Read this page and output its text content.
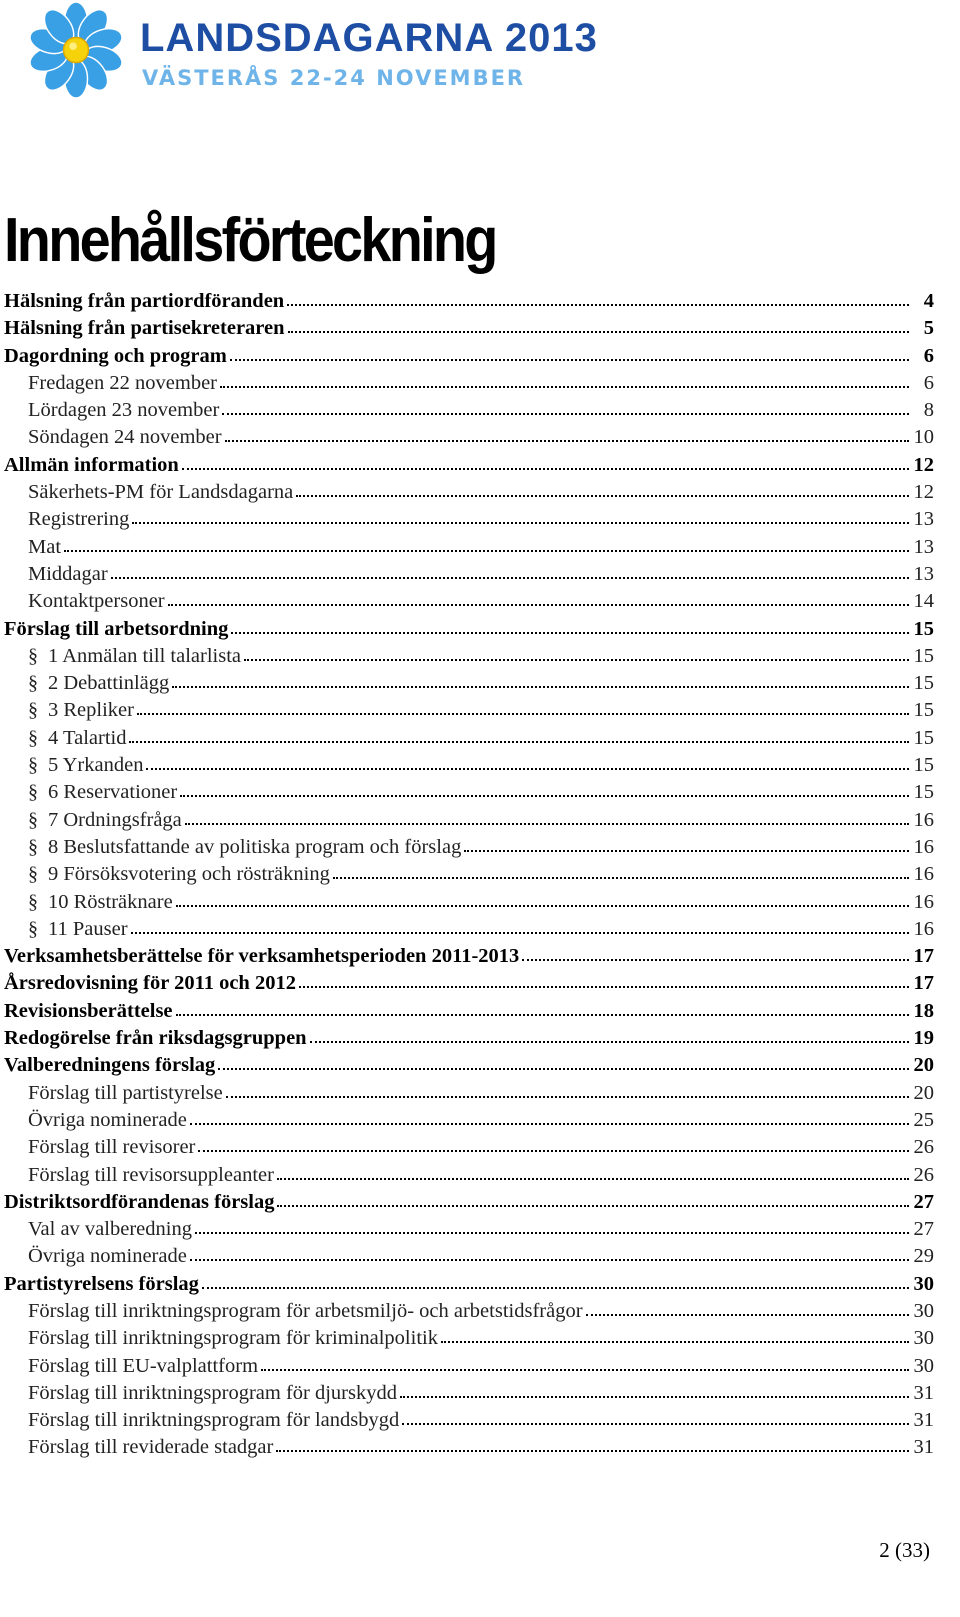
LANDSDAGARNA 2013
VÄSTERÅS 22-24 NOVEMBER
Innehållsförteckning
Hälsning från partiordföranden	4
Hälsning från partisekreteraren	5
Dagordning och program	6
Fredagen 22 november	6
Lördagen 23 november	8
Söndagen 24 november	10
Allmän information	12
Säkerhets-PM för Landsdagarna	12
Registrering	13
Mat	13
Middagar	13
Kontaktpersoner	14
Förslag till arbetsordning	15
§ 1 Anmälan till talarlista	15
§ 2 Debattinlägg	15
§ 3 Repliker	15
§ 4 Talartid	15
§ 5 Yrkanden	15
§ 6 Reservationer	15
§ 7 Ordningsfråga	16
§ 8 Beslutsfattande av politiska program och förslag	16
§ 9 Försöksvotering och rösträkning	16
§ 10 Rösträknare	16
§ 11 Pauser	16
Verksamhetsberättelse för verksamhetsperioden 2011-2013	17
Årsredovisning för 2011 och 2012	17
Revisionsberättelse	18
Redogörelse från riksdagsgruppen	19
Valberedningens förslag	20
Förslag till partistyrelse	20
Övriga nominerade	25
Förslag till revisorer	26
Förslag till revisorsuppleanter	26
Distriktsordförandenas förslag	27
Val av valberedning	27
Övriga nominerade	29
Partistyrelsens förslag	30
Förslag till inriktningsprogram för arbetsmiljö- och arbetstidsfrågor	30
Förslag till inriktningsprogram för kriminalpolitik	30
Förslag till EU-valplattform	30
Förslag till inriktningsprogram för djurskydd	31
Förslag till inriktningsprogram för landsbygd	31
Förslag till reviderade stadgar	31
2 (33)
